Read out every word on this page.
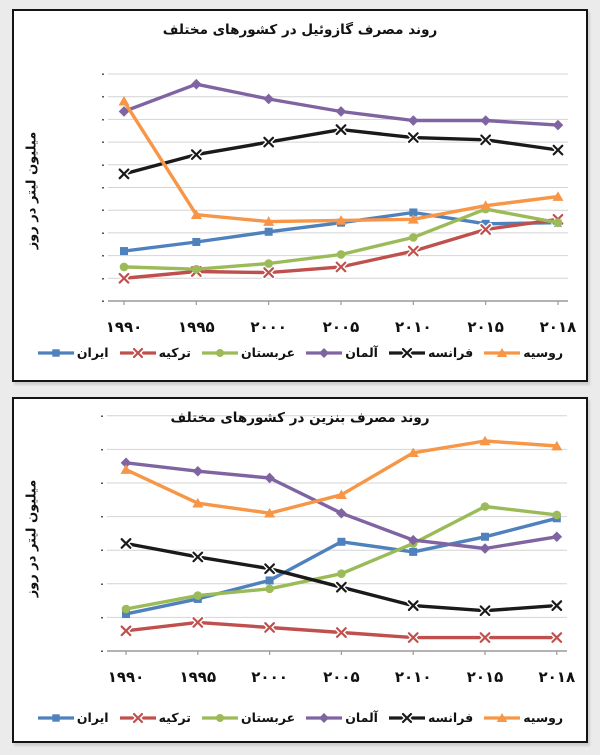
روند مصرف گازوئیل در کشورهای مختلف
میلیون لیتر در روز
۰
۰
۰
۰
۰
۰
۰
۰
۰
۰
۰
۱۹۹۰ ۱۹۹۵ ۲۰۰۰ ۲۰۰۵ ۲۰۱۰ ۲۰۱۵ ۲۰۱۸
ایران	ترکیه	عربستان	آلمان	فرانسه	روسیه
روند مصرف بنزین در کشورهای مختلف
میلیون لیتر در روز
۰
۰
۰
۰
۰
۰
۰
۰
۱۹۹۰ ۱۹۹۵ ۲۰۰۰ ۲۰۰۵ ۲۰۱۰ ۲۰۱۵ ۲۰۱۸
ایران	ترکیه	عربستان	آلمان	فرانسه	روسیه
